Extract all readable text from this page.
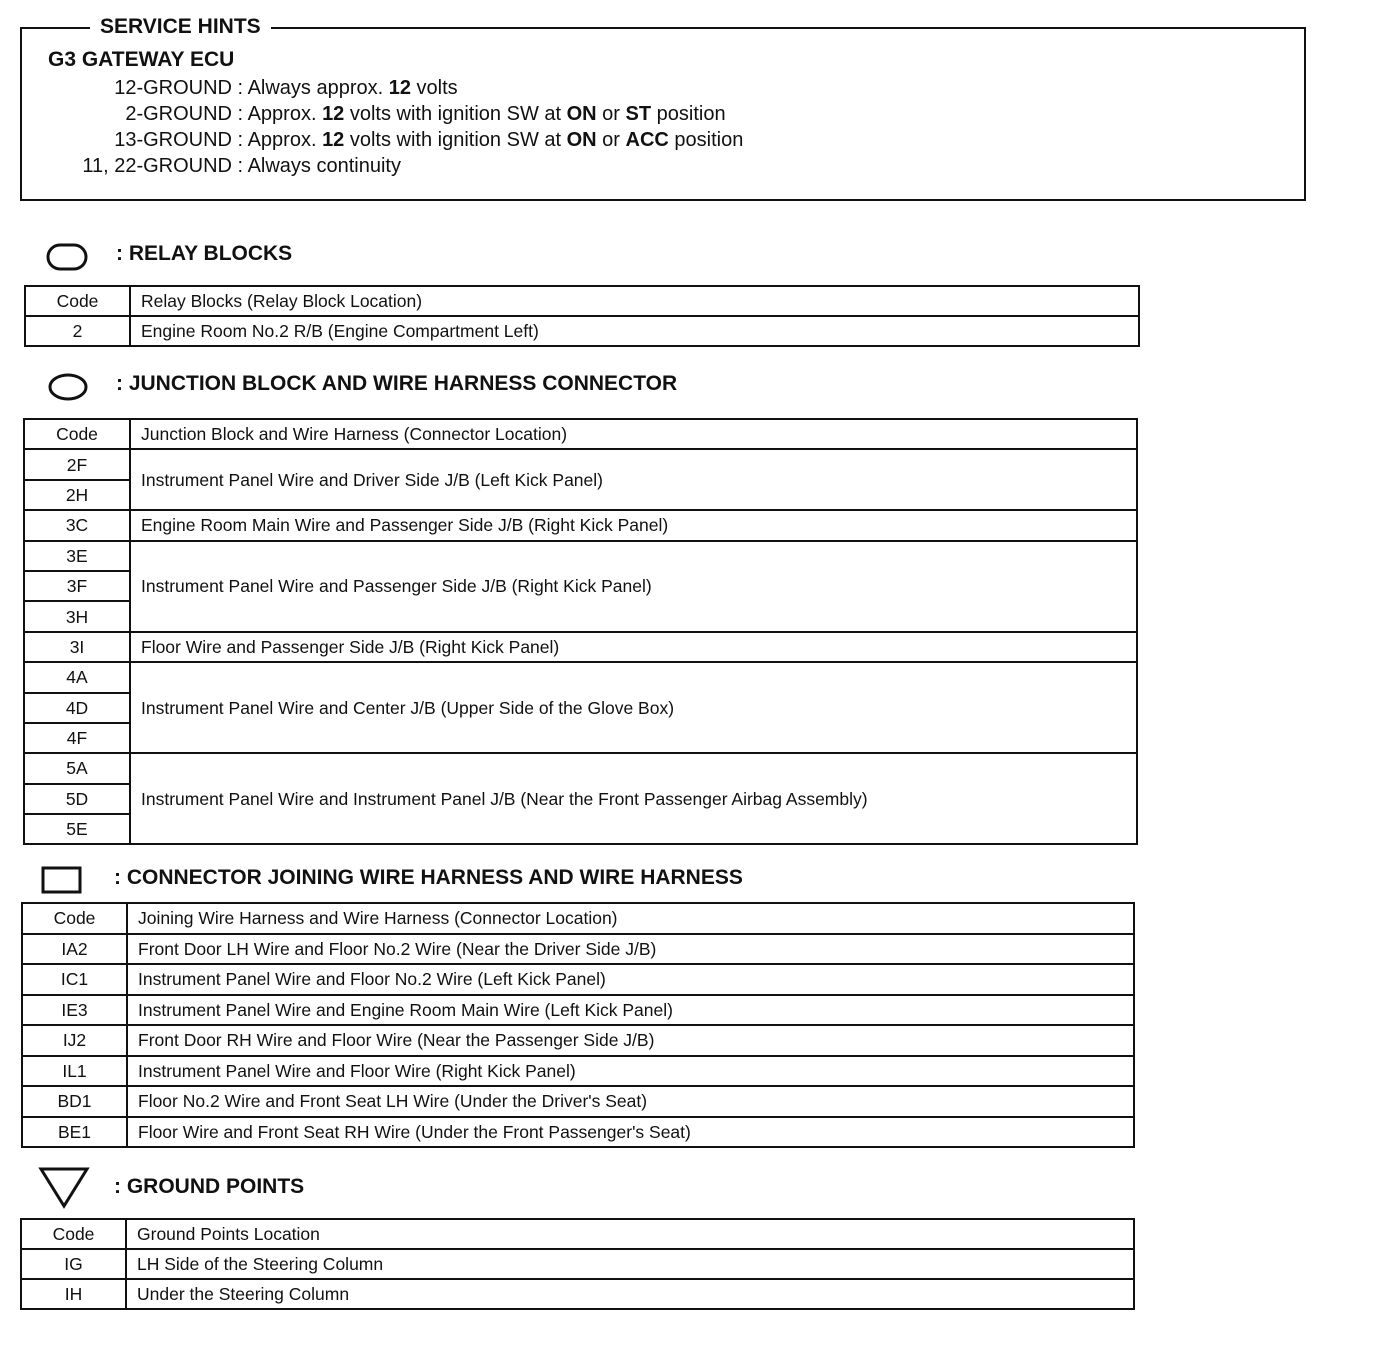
SERVICE HINTS
G3 GATEWAY ECU
12-GROUND : Always approx. 12 volts
2-GROUND : Approx. 12 volts with ignition SW at ON or ST position
13-GROUND : Approx. 12 volts with ignition SW at ON or ACC position
11, 22-GROUND : Always continuity
: RELAY BLOCKS
Code	Relay Blocks (Relay Block Location)
2	Engine Room No.2 R/B (Engine Compartment Left)
: JUNCTION BLOCK AND WIRE HARNESS CONNECTOR
Code	Junction Block and Wire Harness (Connector Location)
2F	Instrument Panel Wire and Driver Side J/B (Left Kick Panel)
2H	
3C	Engine Room Main Wire and Passenger Side J/B (Right Kick Panel)
3E	Instrument Panel Wire and Passenger Side J/B (Right Kick Panel)
3F	
3H	
3I	Floor Wire and Passenger Side J/B (Right Kick Panel)
4A	Instrument Panel Wire and Center J/B (Upper Side of the Glove Box)
4D	
4F	
5A	Instrument Panel Wire and Instrument Panel J/B (Near the Front Passenger Airbag Assembly)
5D	
5E	
: CONNECTOR JOINING WIRE HARNESS AND WIRE HARNESS
Code	Joining Wire Harness and Wire Harness (Connector Location)
IA2	Front Door LH Wire and Floor No.2 Wire (Near the Driver Side J/B)
IC1	Instrument Panel Wire and Floor No.2 Wire (Left Kick Panel)
IE3	Instrument Panel Wire and Engine Room Main Wire (Left Kick Panel)
IJ2	Front Door RH Wire and Floor Wire (Near the Passenger Side J/B)
IL1	Instrument Panel Wire and Floor Wire (Right Kick Panel)
BD1	Floor No.2 Wire and Front Seat LH Wire (Under the Driver's Seat)
BE1	Floor Wire and Front Seat RH Wire (Under the Front Passenger's Seat)
: GROUND POINTS
Code	Ground Points Location
IG	LH Side of the Steering Column
IH	Under the Steering Column
